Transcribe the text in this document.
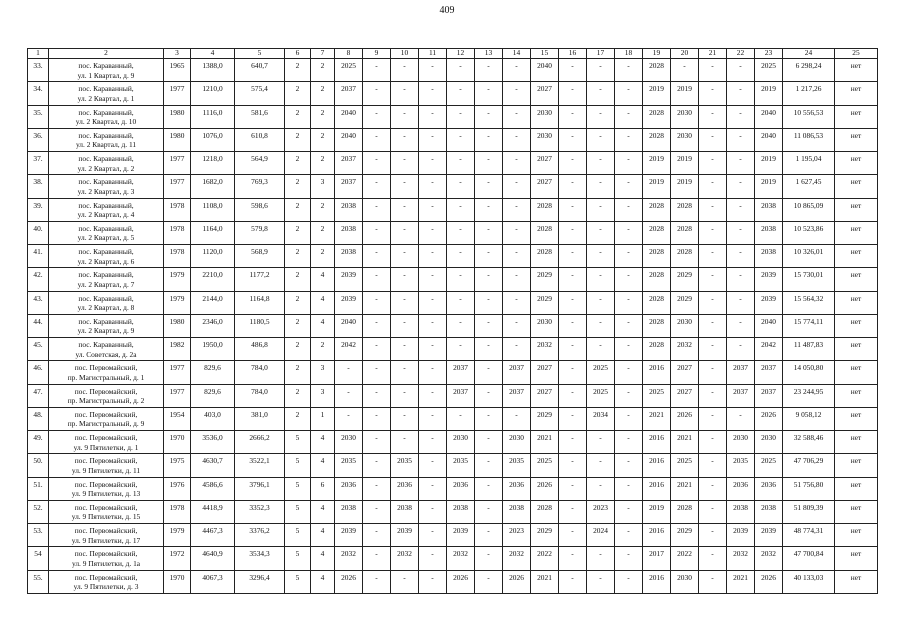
409
1	2	3	4	5	6	7	8	9	10	11	12	13	14	15	16	17	18	19	20	21	22	23	24	25
33.	пос. Караванный,
ул. 1 Квартал, д. 9	1965	1388,0	640,7	2	2	2025	-	-	-	-	-	-	2040	-	-	-	2028	-	-	-	2025	6 298,24	нет
34.	пос. Караванный,
ул. 2 Квартал, д. 1	1977	1210,0	575,4	2	2	2037	-	-	-	-	-	-	2027	-	-	-	2019	2019	-	-	2019	1 217,26	нет
35.	пос. Караванный,
ул. 2 Квартал, д. 10	1980	1116,0	581,6	2	2	2040	-	-	-	-	-	-	2030	-	-	-	2028	2030	-	-	2040	10 556,53	нет
36.	пос. Караванный,
ул. 2 Квартал, д. 11	1980	1076,0	610,8	2	2	2040	-	-	-	-	-	-	2030	-	-	-	2028	2030	-	-	2040	11 086,53	нет
37.	пос. Караванный,
ул. 2 Квартал, д. 2	1977	1218,0	564,9	2	2	2037	-	-	-	-	-	-	2027	-	-	-	2019	2019	-	-	2019	1 195,04	нет
38.	пос. Караванный,
ул. 2 Квартал, д. 3	1977	1682,0	769,3	2	3	2037	-	-	-	-	-	-	2027	-	-	-	2019	2019	-	-	2019	1 627,45	нет
39.	пос. Караванный,
ул. 2 Квартал, д. 4	1978	1108,0	598,6	2	2	2038	-	-	-	-	-	-	2028	-	-	-	2028	2028	-	-	2038	10 865,09	нет
40.	пос. Караванный,
ул. 2 Квартал, д. 5	1978	1164,0	579,8	2	2	2038	-	-	-	-	-	-	2028	-	-	-	2028	2028	-	-	2038	10 523,86	нет
41.	пос. Караванный,
ул. 2 Квартал, д. 6	1978	1120,0	568,9	2	2	2038	-	-	-	-	-	-	2028	-	-	-	2028	2028	-	-	2038	10 326,01	нет
42.	пос. Караванный,
ул. 2 Квартал, д. 7	1979	2210,0	1177,2	2	4	2039	-	-	-	-	-	-	2029	-	-	-	2028	2029	-	-	2039	15 730,01	нет
43.	пос. Караванный,
ул. 2 Квартал, д. 8	1979	2144,0	1164,8	2	4	2039	-	-	-	-	-	-	2029	-	-	-	2028	2029	-	-	2039	15 564,32	нет
44.	пос. Караванный,
ул. 2 Квартал, д. 9	1980	2346,0	1180,5	2	4	2040	-	-	-	-	-	-	2030	-	-	-	2028	2030	-	-	2040	15 774,11	нет
45.	пос. Караванный,
ул. Советская, д. 2а	1982	1950,0	486,8	2	2	2042	-	-	-	-	-	-	2032	-	-	-	2028	2032	-	-	2042	11 487,83	нет
46.	пос. Первомайский,
пр. Магистральный, д. 1	1977	829,6	784,0	2	3	-	-	-	-	2037	-	2037	2027	-	2025	-	2016	2027	-	2037	2037	14 050,80	нет
47.	пос. Первомайский,
пр. Магистральный, д. 2	1977	829,6	784,0	2	3	-	-	-	-	2037	-	2037	2027	-	2025	-	2025	2027	-	2037	2037	23 244,95	нет
48.	пос. Первомайский,
пр. Магистральный, д. 9	1954	403,0	381,0	2	1	-	-	-	-	-	-	-	2029	-	2034	-	2021	2026	-	-	2026	9 058,12	нет
49.	пос. Первомайский,
ул. 9 Пятилетки, д. 1	1970	3536,0	2666,2	5	4	2030	-	-	-	2030	-	2030	2021	-	-	-	2016	2021	-	2030	2030	32 588,46	нет
50.	пос. Первомайский,
ул. 9 Пятилетки, д. 11	1975	4630,7	3522,1	5	4	2035	-	2035	-	2035	-	2035	2025	-	-	-	2016	2025	-	2035	2025	47 706,29	нет
51.	пос. Первомайский,
ул. 9 Пятилетки, д. 13	1976	4586,6	3796,1	5	6	2036	-	2036	-	2036	-	2036	2026	-	-	-	2016	2021	-	2036	2036	51 756,80	нет
52.	пос. Первомайский,
ул. 9 Пятилетки, д. 15	1978	4418,9	3352,3	5	4	2038	-	2038	-	2038	-	2038	2028	-	2023	-	2019	2028	-	2038	2038	51 809,39	нет
53.	пос. Первомайский,
ул. 9 Пятилетки, д. 17	1979	4467,3	3376,2	5	4	2039	-	2039	-	2039	-	2023	2029	-	2024	-	2016	2029	-	2039	2039	48 774,31	нет
54	пос. Первомайский,
ул. 9 Пятилетки, д. 1а	1972	4640,9	3534,3	5	4	2032	-	2032	-	2032	-	2032	2022	-	-	-	2017	2022	-	2032	2032	47 700,84	нет
55.	пос. Первомайский,
ул. 9 Пятилетки, д. 3	1970	4067,3	3296,4	5	4	2026	-	-	-	2026	-	2026	2021	-	-	-	2016	2030	-	2021	2026	40 133,03	нет
